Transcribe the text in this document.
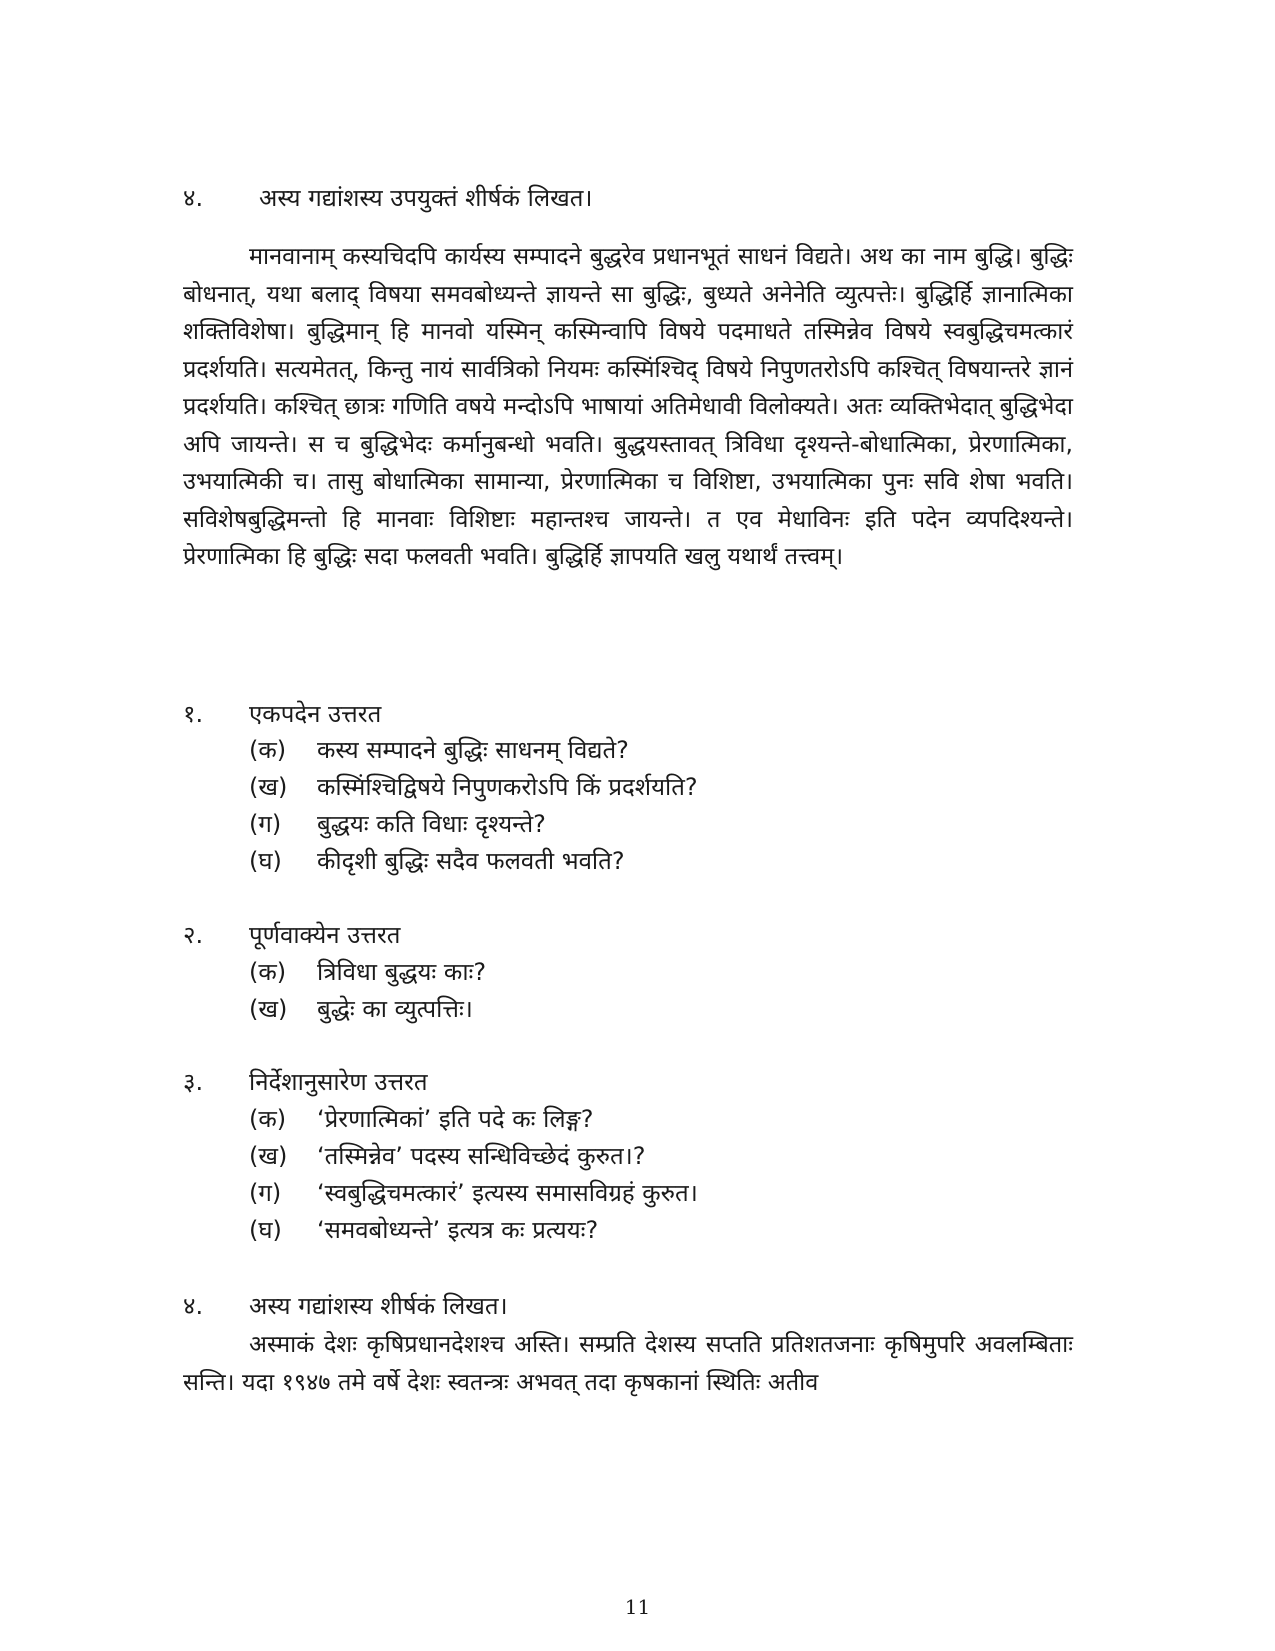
४. अस्य गद्यांशस्य उपयुक्तं शीर्षकं लिखत।

मानवानाम् कस्यचिदपि कार्यस्य सम्पादने बुद्धरेव प्रधानभूतं साधनं विद्यते। अथ का नाम बुद्धि। बुद्धिः बोधनात्, यथा बलाद् विषया समवबोध्यन्ते ज्ञायन्ते सा बुद्धिः, बुध्यते अनेनेति व्युत्पत्तेः। बुद्धिर्हि ज्ञानात्मिका शक्तिविशेषा। बुद्धिमान् हि मानवो यस्मिन् कस्मिन्वापि विषये पदमाधते तस्मिन्नेव विषये स्वबुद्धिचमत्कारं प्रदर्शयति। सत्यमेतत्, किन्तु नायं सार्वत्रिको नियमः कस्मिंश्चिद् विषये निपुणतरोऽपि कश्चित् विषयान्तरे ज्ञानं प्रदर्शयति। कश्चित् छात्रः गणिति वषये मन्दोऽपि भाषायां अतिमेधावी विलोक्यते। अतः व्यक्तिभेदात् बुद्धिभेदा अपि जायन्ते। स च बुद्धिभेदः कर्मानुबन्धो भवति। बुद्धयस्तावत् त्रिविधा दृश्यन्ते-बोधात्मिका, प्रेरणात्मिका, उभयात्मिकी च। तासु बोधात्मिका सामान्या, प्रेरणात्मिका च विशिष्टा, उभयात्मिका पुनः सवि शेषा भवति। सविशेषबुद्धिमन्तो हि मानवाः विशिष्टाः महान्तश्च जायन्ते। त एव मेधाविनः इति पदेन व्यपदिश्यन्ते। प्रेरणात्मिका हि बुद्धिः सदा फलवती भवति। बुद्धिर्हि ज्ञापयति खलु यथार्थं तत्त्वम्।

१. एकपदेन उत्तरत
(क) कस्य सम्पादने बुद्धिः साधनम् विद्यते?
(ख) कस्मिंश्चिद्विषये निपुणकरोऽपि किं प्रदर्शयति?
(ग) बुद्धयः कति विधाः दृश्यन्ते?
(घ) कीदृशी बुद्धिः सदैव फलवती भवति?
२. पूर्णवाक्येन उत्तरत
(क) त्रिविधा बुद्धयः काः?
(ख) बुद्धेः का व्युत्पत्तिः।
३. निर्देशानुसारेण उत्तरत
(क) ‘प्रेरणात्मिकां’ इति पदे कः लिङ्ग?
(ख) ‘तस्मिन्नेव’ पदस्य सन्धिविच्छेदं कुरुत।?
(ग) ‘स्वबुद्धिचमत्कारं’ इत्यस्य समासविग्रहं कुरुत।
(घ) ‘समवबोध्यन्ते’ इत्यत्र कः प्रत्ययः?
४. अस्य गद्यांशस्य शीर्षकं लिखत।

अस्माकं देशः कृषिप्रधानदेशश्च अस्ति। सम्प्रति देशस्य सप्तति प्रतिशतजनाः कृषिमुपरि अवलम्बिताः सन्ति। यदा १९४७ तमे वर्षे देशः स्वतन्त्रः अभवत् तदा कृषकानां स्थितिः अतीव

11
